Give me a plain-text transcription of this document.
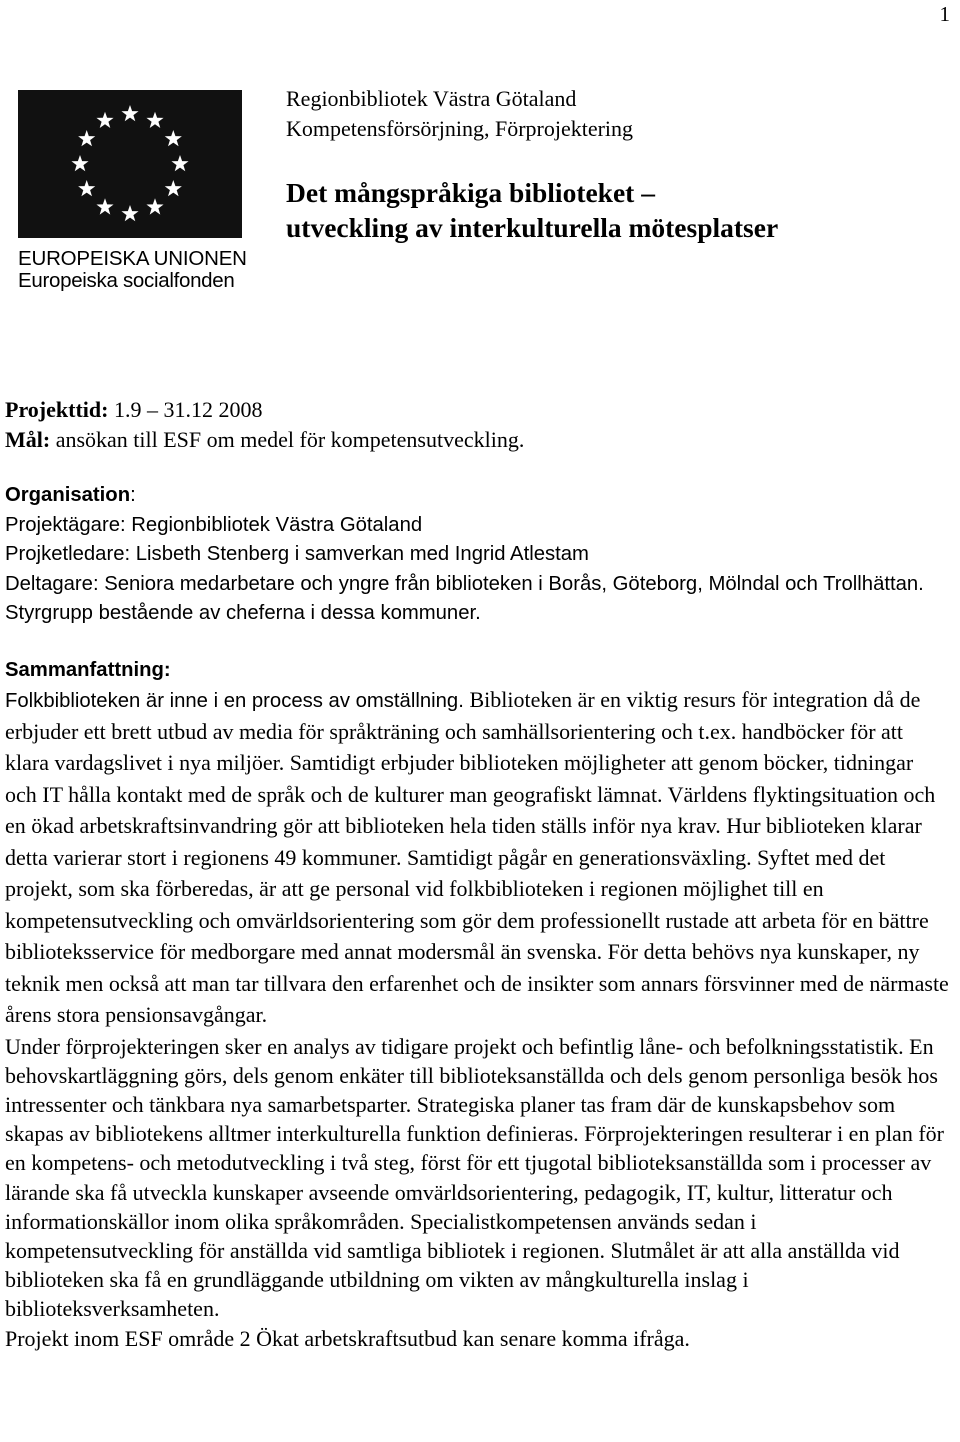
1
EUROPEISKA UNIONEN
Europeiska socialfonden
Regionbibliotek Västra Götaland
Kompetensförsörjning, Förprojektering
Det mångspråkiga biblioteket –
utveckling av interkulturella mötesplatser
Projekttid: 1.9 – 31.12 2008
Mål: ansökan till ESF om medel för kompetensutveckling.
Organisation:
Projektägare: Regionbibliotek Västra Götaland
Projketledare: Lisbeth Stenberg i samverkan med Ingrid Atlestam
Deltagare: Seniora medarbetare och yngre från biblioteken i Borås, Göteborg, Mölndal och Trollhättan. Styrgrupp bestående av cheferna i dessa kommuner.
Sammanfattning:

Folkbiblioteken är inne i en process av omställning. Biblioteken är en viktig resurs för integration då de erbjuder ett brett utbud av media för språkträning och samhällsorientering och t.ex. handböcker för att klara vardagslivet i nya miljöer. Samtidigt erbjuder biblioteken möjligheter att genom böcker, tidningar och IT hålla kontakt med de språk och de kulturer man geografiskt lämnat. Världens flyktingsituation och en ökad arbetskraftsinvandring gör att biblioteken hela tiden ställs inför nya krav. Hur biblioteken klarar detta varierar stort i regionens 49 kommuner. Samtidigt pågår en generationsväxling. Syftet med det projekt, som ska förberedas, är att ge personal vid folkbiblioteken i regionen möjlighet till en kompetensutveckling och omvärldsorientering som gör dem professionellt rustade att arbeta för en bättre biblioteksservice för medborgare med annat modersmål än svenska. För detta behövs nya kunskaper, ny teknik men också att man tar tillvara den erfarenhet och de insikter som annars försvinner med de närmaste årens stora pensionsavgångar.

Under förprojekteringen sker en analys av tidigare projekt och befintlig låne- och befolkningsstatistik. En behovskartläggning görs, dels genom enkäter till biblioteksanställda och dels genom personliga besök hos intressenter och tänkbara nya samarbetsparter. Strategiska planer tas fram där de kunskapsbehov som skapas av bibliotekens alltmer interkulturella funktion definieras. Förprojekteringen resulterar i en plan för en kompetens- och metodutveckling i två steg, först för ett tjugotal biblioteksanställda som i processer av lärande ska få utveckla kunskaper avseende omvärldsorientering, pedagogik, IT, kultur, litteratur och informationskällor inom olika språkområden. Specialistkompetensen används sedan i kompetensutveckling för anställda vid samtliga bibliotek i regionen. Slutmålet är att alla anställda vid biblioteken ska få en grundläggande utbildning om vikten av mångkulturella inslag i biblioteksverksamheten.

Projekt inom ESF område 2 Ökat arbetskraftsutbud kan senare komma ifråga.
